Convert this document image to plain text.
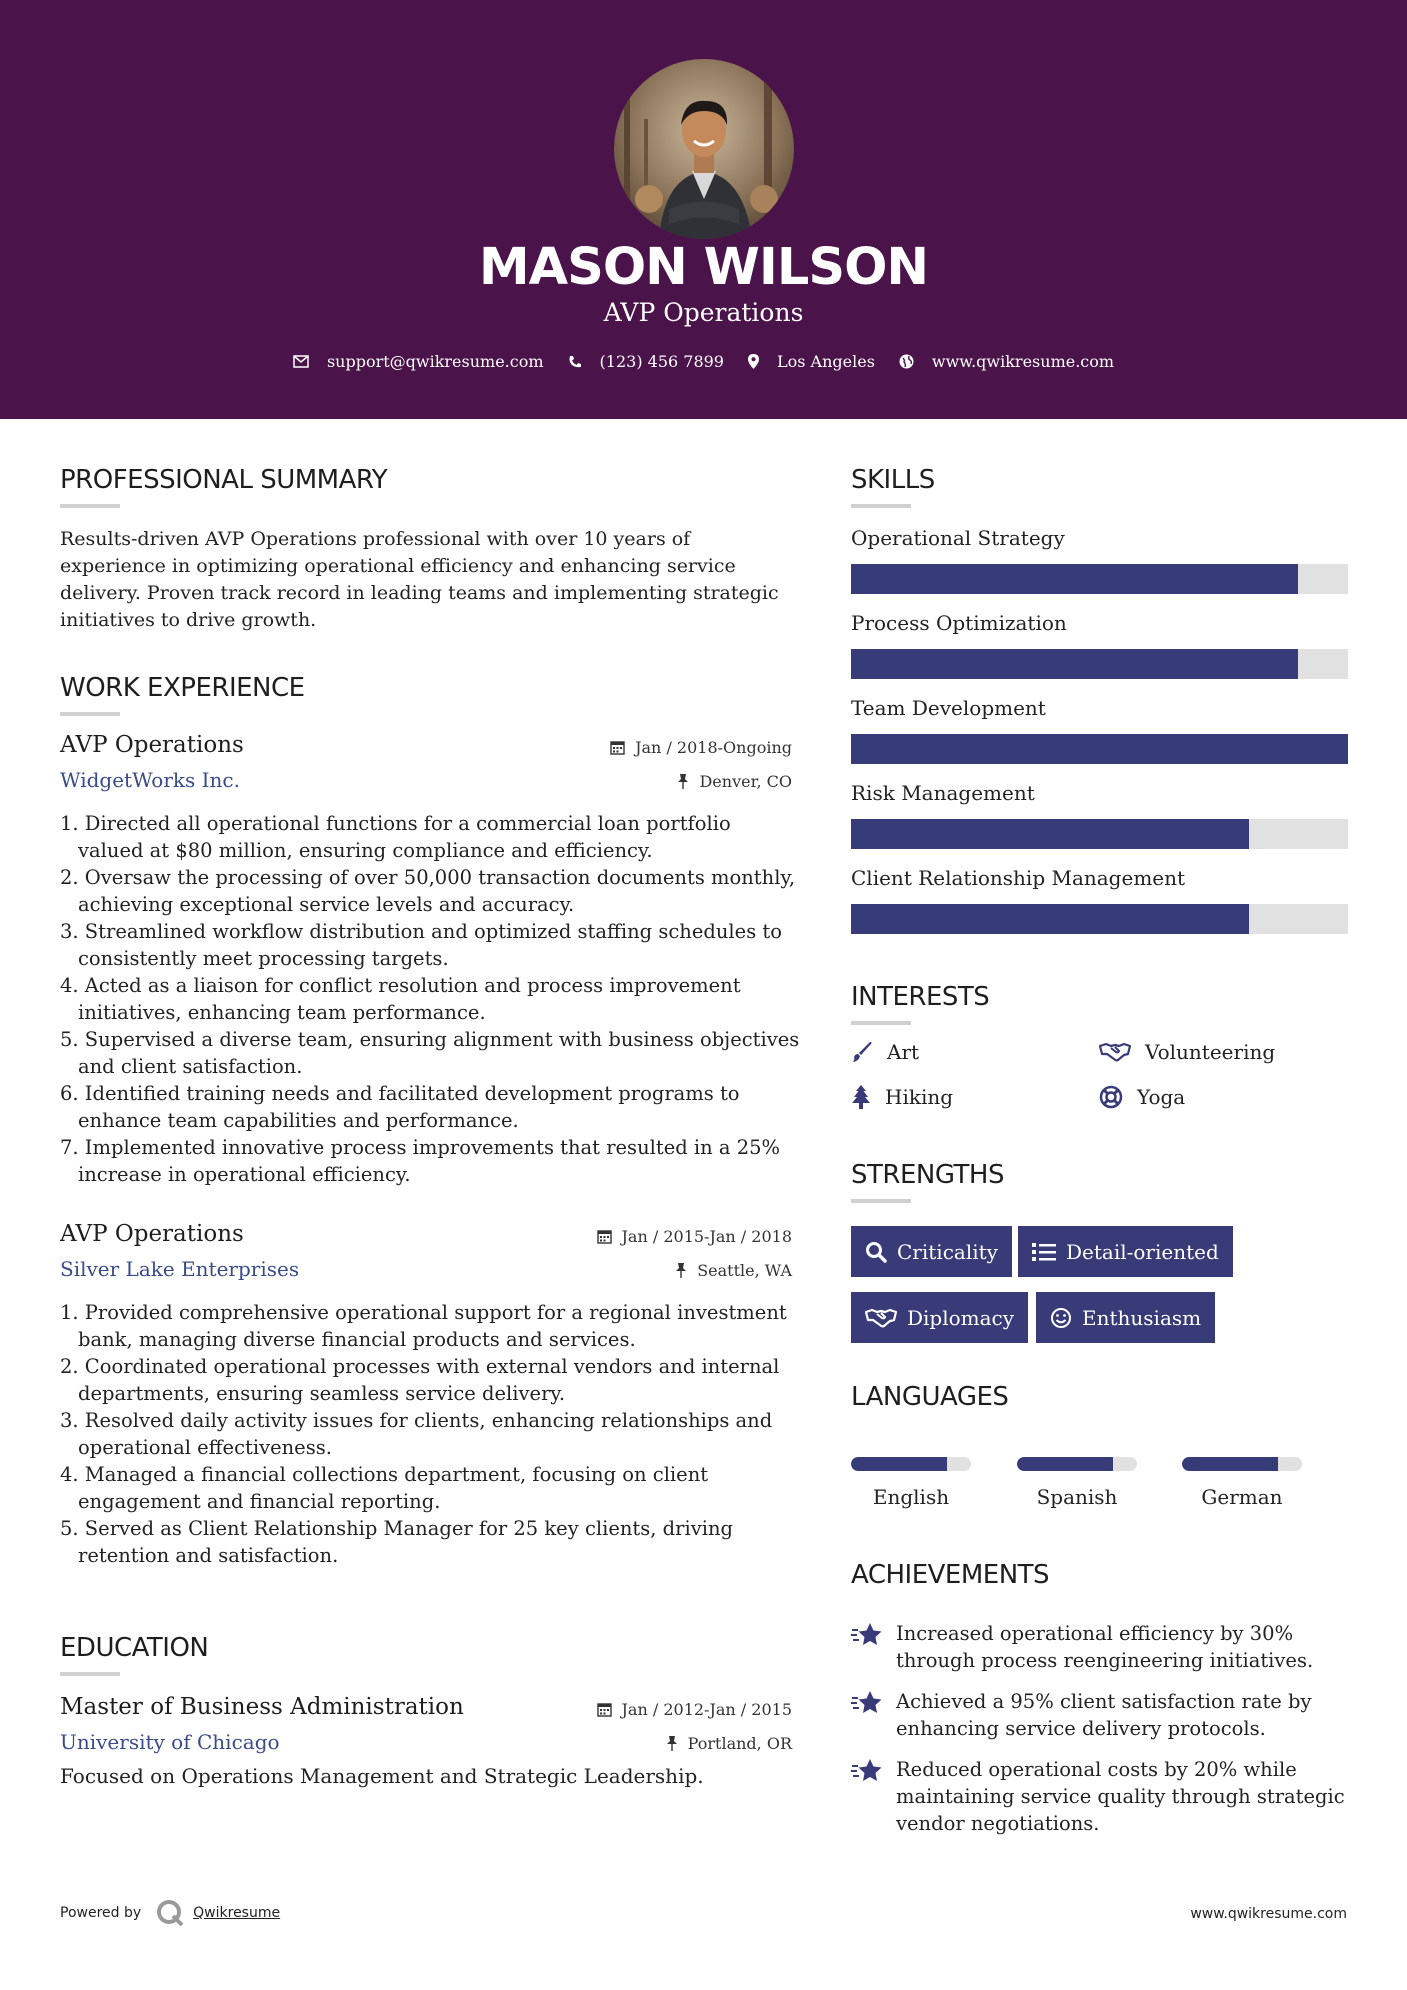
MASON WILSON
AVP Operations
support@qwikresume.com	(123) 456 7899	Los Angeles	www.qwikresume.com
PROFESSIONAL SUMMARY
Results-driven AVP Operations professional with over 10 years of experience in optimizing operational efficiency and enhancing service delivery. Proven track record in leading teams and implementing strategic initiatives to drive growth.
WORK EXPERIENCE
AVP Operations
WidgetWorks Inc.
Jan / 2018-Ongoing
Denver, CO
1. Directed all operational functions for a commercial loan portfolio valued at $80 million, ensuring compliance and efficiency.
2. Oversaw the processing of over 50,000 transaction documents monthly, achieving exceptional service levels and accuracy.
3. Streamlined workflow distribution and optimized staffing schedules to consistently meet processing targets.
4. Acted as a liaison for conflict resolution and process improvement initiatives, enhancing team performance.
5. Supervised a diverse team, ensuring alignment with business objectives and client satisfaction.
6. Identified training needs and facilitated development programs to enhance team capabilities and performance.
7. Implemented innovative process improvements that resulted in a 25% increase in operational efficiency.
AVP Operations
Silver Lake Enterprises
Jan / 2015-Jan / 2018
Seattle, WA
1. Provided comprehensive operational support for a regional investment bank, managing diverse financial products and services.
2. Coordinated operational processes with external vendors and internal departments, ensuring seamless service delivery.
3. Resolved daily activity issues for clients, enhancing relationships and operational effectiveness.
4. Managed a financial collections department, focusing on client engagement and financial reporting.
5. Served as Client Relationship Manager for 25 key clients, driving retention and satisfaction.
EDUCATION
Master of Business Administration
University of Chicago
Jan / 2012-Jan / 2015
Portland, OR
Focused on Operations Management and Strategic Leadership.
SKILLS
Operational Strategy
Process Optimization
Team Development
Risk Management
Client Relationship Management
INTERESTS
Art	Volunteering
Hiking	Yoga
STRENGTHS
Criticality	Detail-oriented
Diplomacy	Enthusiasm
LANGUAGES
English	Spanish	German
ACHIEVEMENTS
Increased operational efficiency by 30% through process reengineering initiatives.
Achieved a 95% client satisfaction rate by enhancing service delivery protocols.
Reduced operational costs by 20% while maintaining service quality through strategic vendor negotiations.
Powered by	Qwikresume	www.qwikresume.com
